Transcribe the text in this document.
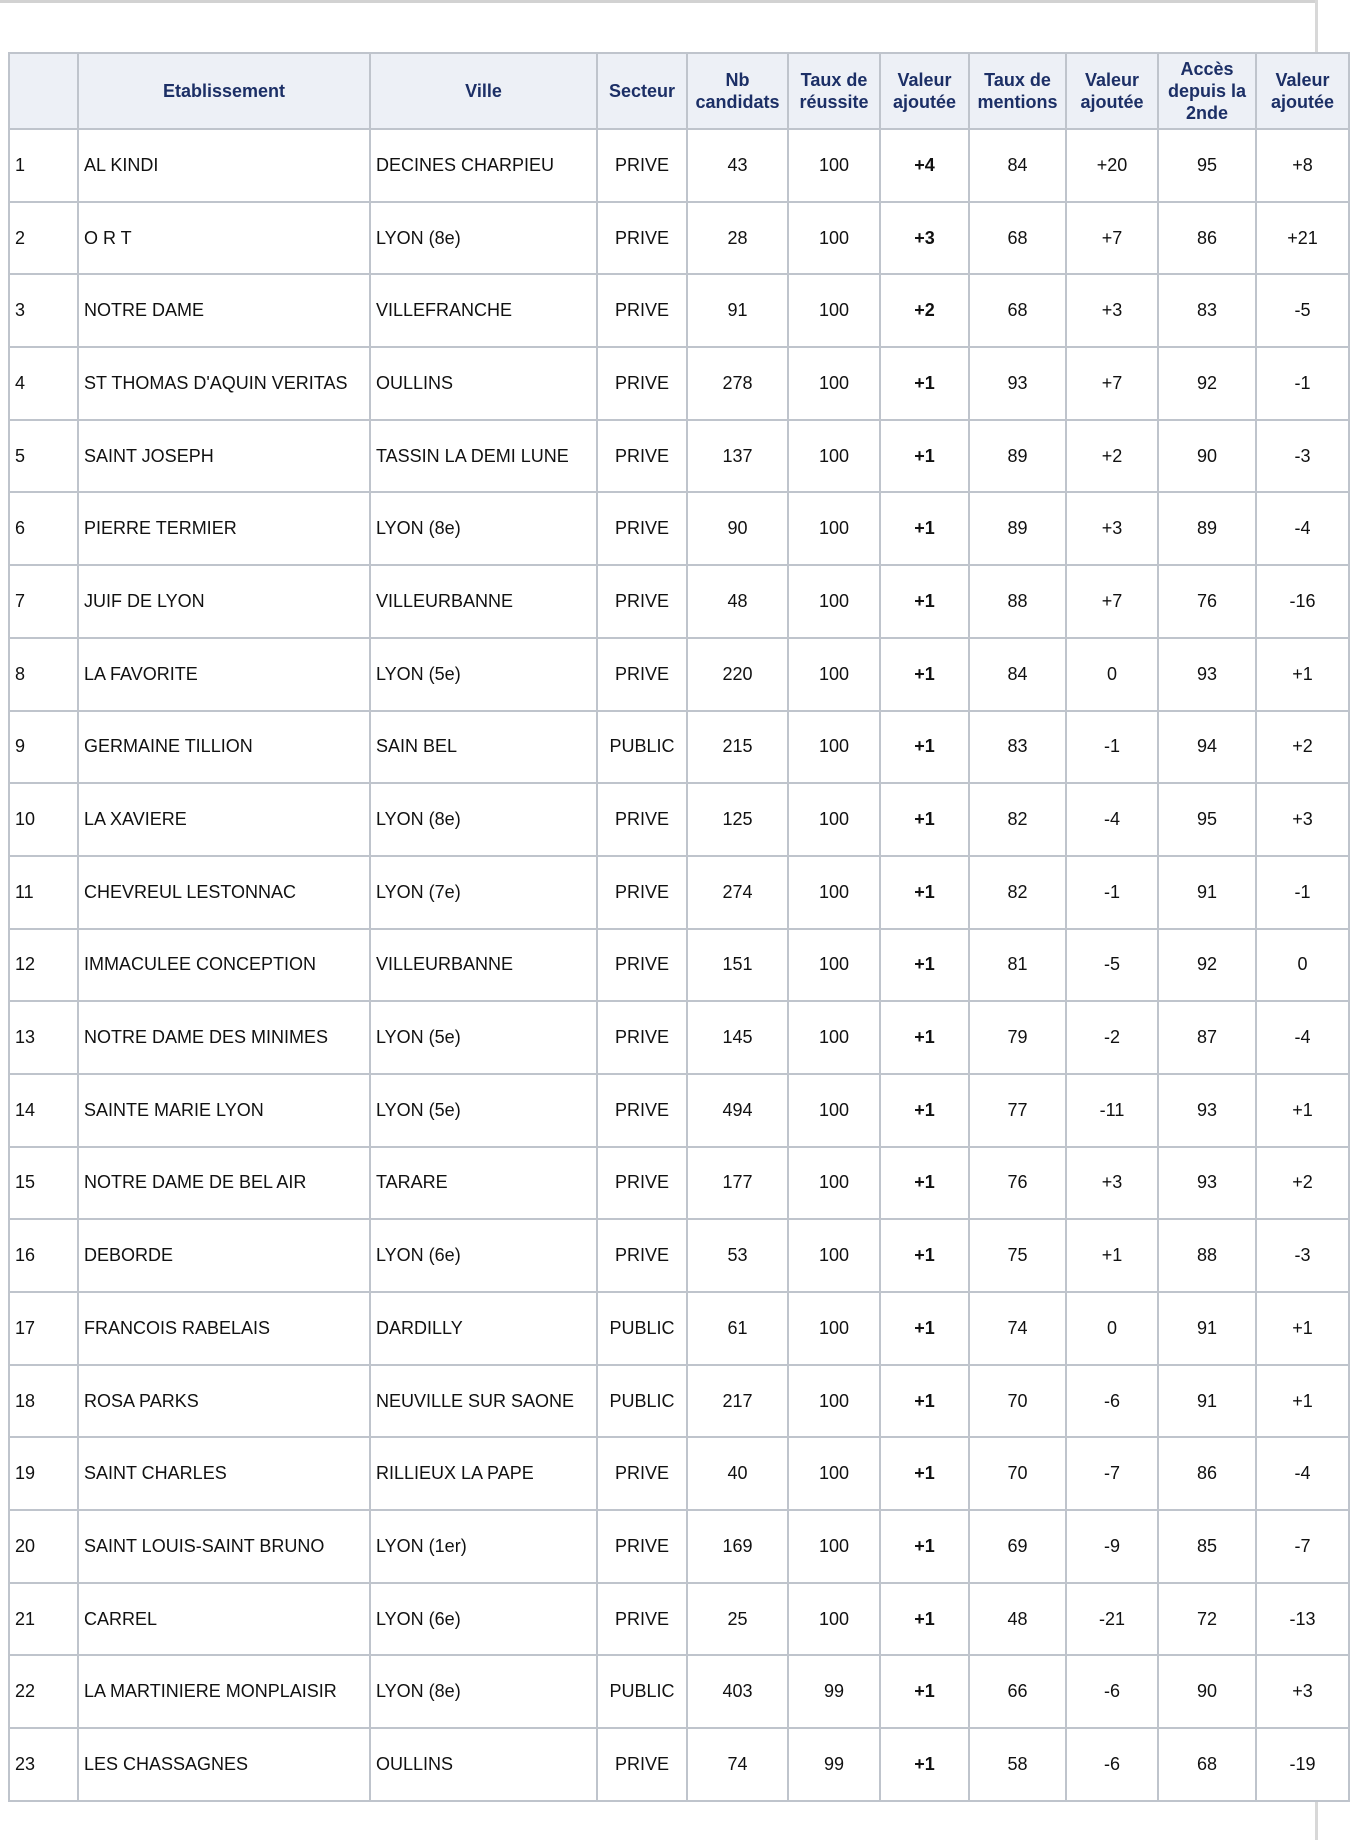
	Etablissement	Ville	Secteur	Nb candidats	Taux de réussite	Valeur ajoutée	Taux de mentions	Valeur ajoutée	Accès depuis la 2nde	Valeur ajoutée
1	AL KINDI	DECINES CHARPIEU	PRIVE	43	100	+4	84	+20	95	+8
2	O R T	LYON (8e)	PRIVE	28	100	+3	68	+7	86	+21
3	NOTRE DAME	VILLEFRANCHE	PRIVE	91	100	+2	68	+3	83	-5
4	ST THOMAS D'AQUIN VERITAS	OULLINS	PRIVE	278	100	+1	93	+7	92	-1
5	SAINT JOSEPH	TASSIN LA DEMI LUNE	PRIVE	137	100	+1	89	+2	90	-3
6	PIERRE TERMIER	LYON (8e)	PRIVE	90	100	+1	89	+3	89	-4
7	JUIF DE LYON	VILLEURBANNE	PRIVE	48	100	+1	88	+7	76	-16
8	LA FAVORITE	LYON (5e)	PRIVE	220	100	+1	84	0	93	+1
9	GERMAINE TILLION	SAIN BEL	PUBLIC	215	100	+1	83	-1	94	+2
10	LA XAVIERE	LYON (8e)	PRIVE	125	100	+1	82	-4	95	+3
11	CHEVREUL LESTONNAC	LYON (7e)	PRIVE	274	100	+1	82	-1	91	-1
12	IMMACULEE CONCEPTION	VILLEURBANNE	PRIVE	151	100	+1	81	-5	92	0
13	NOTRE DAME DES MINIMES	LYON (5e)	PRIVE	145	100	+1	79	-2	87	-4
14	SAINTE MARIE LYON	LYON (5e)	PRIVE	494	100	+1	77	-11	93	+1
15	NOTRE DAME DE BEL AIR	TARARE	PRIVE	177	100	+1	76	+3	93	+2
16	DEBORDE	LYON (6e)	PRIVE	53	100	+1	75	+1	88	-3
17	FRANCOIS RABELAIS	DARDILLY	PUBLIC	61	100	+1	74	0	91	+1
18	ROSA PARKS	NEUVILLE SUR SAONE	PUBLIC	217	100	+1	70	-6	91	+1
19	SAINT CHARLES	RILLIEUX LA PAPE	PRIVE	40	100	+1	70	-7	86	-4
20	SAINT LOUIS-SAINT BRUNO	LYON (1er)	PRIVE	169	100	+1	69	-9	85	-7
21	CARREL	LYON (6e)	PRIVE	25	100	+1	48	-21	72	-13
22	LA MARTINIERE MONPLAISIR	LYON (8e)	PUBLIC	403	99	+1	66	-6	90	+3
23	LES CHASSAGNES	OULLINS	PRIVE	74	99	+1	58	-6	68	-19
